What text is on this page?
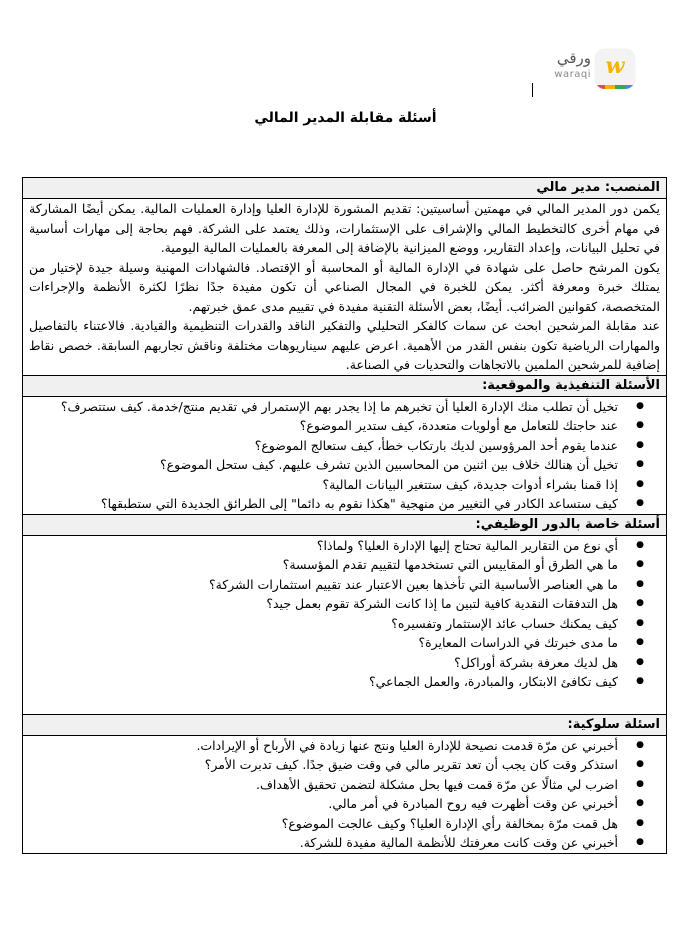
ورقي
waraqi w
أسئلة مقابلة المدير المالي
المنصب: مدير مالي

يكمن دور المدير المالي في مهمتين أساسيتين: تقديم المشورة للإدارة العليا وإدارة العمليات المالية. يمكن أيضًا المشاركة في مهام أخرى كالتخطيط المالي والإشراف على الإستثمارات، وذلك يعتمد على الشركة. فهم بحاجة إلى مهارات أساسية في تحليل البيانات، وإعداد التقارير، ووضع الميزانية بالإضافة إلى المعرفة بالعمليات المالية اليومية.

يكون المرشح حاصل على شهادة في الإدارة المالية أو المحاسبة أو الإقتصاد. فالشهادات المهنية وسيلة جيدة لإختيار من يمتلك خبرة ومعرفة أكثر. يمكن للخبرة في المجال الصناعي أن تكون مفيدة جدًا نظرًا لكثرة الأنظمة والإجراءات المتخصصة، كقوانين الضرائب. أيضًا، بعض الأسئلة التقنية مفيدة في تقييم مدى عمق خبرتهم.

عند مقابلة المرشحين ابحث عن سمات كالفكر التحليلي والتفكير الناقد والقدرات التنظيمية والقيادية. فالاعتناء بالتفاصيل والمهارات الرياضية تكون بنفس القدر من الأهمية. اعرض عليهم سيناريوهات مختلفة وناقش تجاربهم السابقة. خصص نقاط إضافية للمرشحين الملمين بالاتجاهات والتحديات في الصناعة.

الأسئلة التنفيذية والموقعية:

● تخيل أن تطلب منك الإدارة العليا أن تخبرهم ما إذا يجدر بهم الإستمرار في تقديم منتج/خدمة. كيف ستتصرف؟
● عند حاجتك للتعامل مع أولويات متعددة، كيف ستدير الموضوع؟
● عندما يقوم أحد المرؤوسين لديك بارتكاب خطأ، كيف ستعالج الموضوع؟
● تخيل أن هنالك خلاف بين اثنين من المحاسبين الذين تشرف عليهم. كيف ستحل الموضوع؟
● إذا قمنا بشراء أدوات جديدة، كيف ستتغير البيانات المالية؟
● كيف ستساعد الكادر في التغيير من منهجية "هكذا نقوم به دائما" إلى الطرائق الجديدة التي ستطبقها؟

أسئلة خاصة بالدور الوظيفي:

● أي نوع من التقارير المالية تحتاج إليها الإدارة العليا؟ ولماذا؟
● ما هي الطرق أو المقاييس التي تستخدمها لتقييم تقدم المؤسسة؟
● ما هي العناصر الأساسية التي تأخذها بعين الاعتبار عند تقييم استثمارات الشركة؟
● هل التدفقات النقدية كافية لتبين ما إذا كانت الشركة تقوم بعمل جيد؟
● كيف يمكنك حساب عائد الإستثمار وتفسيره؟
● ما مدى خبرتك في الدراسات المعايرة؟
● هل لديك معرفة بشركة أوراكل؟
● كيف تكافئ الابتكار، والمبادرة، والعمل الجماعي؟

اسئلة سلوكية:

● أخبرني عن مرّة قدمت نصيحة للإدارة العليا ونتج عنها زيادة في الأرباح أو الإيرادات.
● استذكر وقت كان يجب أن تعد تقرير مالي في وقت ضيق جدًا. كيف تدبرت الأمر؟
● اضرب لي مثالًا عن مرّة قمت فيها بحل مشكلة لتضمن تحقيق الأهداف.
● أخبرني عن وقت أظهرت فيه روح المبادرة في أمر مالي.
● هل قمت مرّة بمخالفة رأي الإدارة العليا؟ وكيف عالجت الموضوع؟
● أخبرني عن وقت كانت معرفتك للأنظمة المالية مفيدة للشركة.
